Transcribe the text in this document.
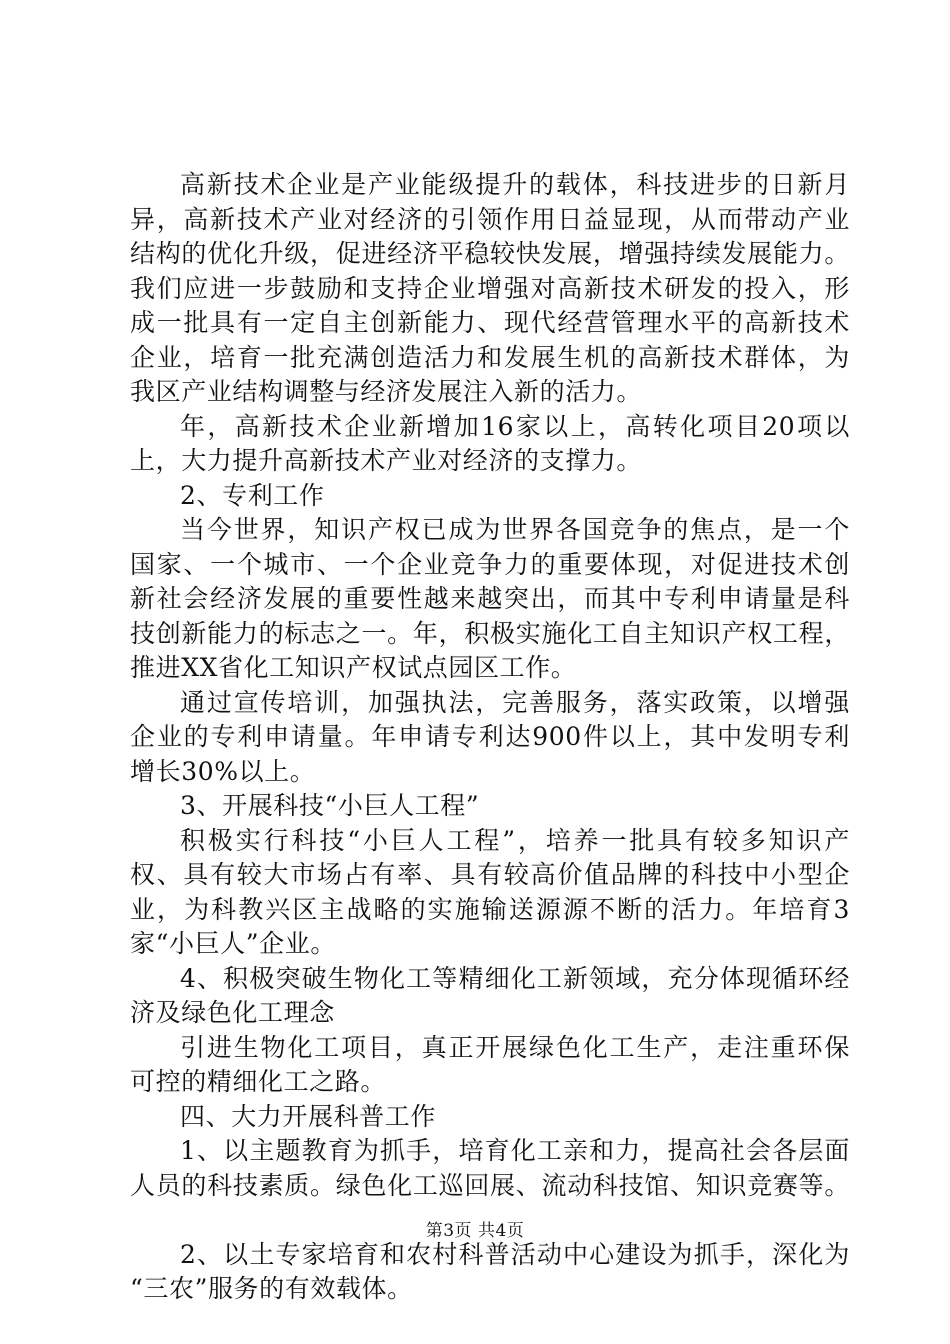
高新技术企业是产业能级提升的载体，科技进步的日新月
异，高新技术产业对经济的引领作用日益显现，从而带动产业
结构的优化升级，促进经济平稳较快发展，增强持续发展能力。
我们应进一步鼓励和支持企业增强对高新技术研发的投入，形
成一批具有一定自主创新能力、现代经营管理水平的高新技术
企业，培育一批充满创造活力和发展生机的高新技术群体，为
我区产业结构调整与经济发展注入新的活力。
年，高新技术企业新增加16家以上，高转化项目20项以
上，大力提升高新技术产业对经济的支撑力。
2、专利工作
当今世界，知识产权已成为世界各国竞争的焦点，是一个
国家、一个城市、一个企业竞争力的重要体现，对促进技术创
新社会经济发展的重要性越来越突出，而其中专利申请量是科
技创新能力的标志之一。年，积极实施化工自主知识产权工程，
推进XX省化工知识产权试点园区工作。
通过宣传培训，加强执法，完善服务，落实政策，以增强
企业的专利申请量。年申请专利达900件以上，其中发明专利
增长30%以上。
3、开展科技“小巨人工程”
积极实行科技“小巨人工程”，培养一批具有较多知识产
权、具有较大市场占有率、具有较高价值品牌的科技中小型企
业，为科教兴区主战略的实施输送源源不断的活力。年培育3
家“小巨人”企业。
4、积极突破生物化工等精细化工新领域，充分体现循环经
济及绿色化工理念
引进生物化工项目，真正开展绿色化工生产，走注重环保
可控的精细化工之路。
四、大力开展科普工作
1、以主题教育为抓手，培育化工亲和力，提高社会各层面
人员的科技素质。绿色化工巡回展、流动科技馆、知识竞赛等。
2、以土专家培育和农村科普活动中心建设为抓手，深化为
“三农”服务的有效载体。
第3页 共4页
